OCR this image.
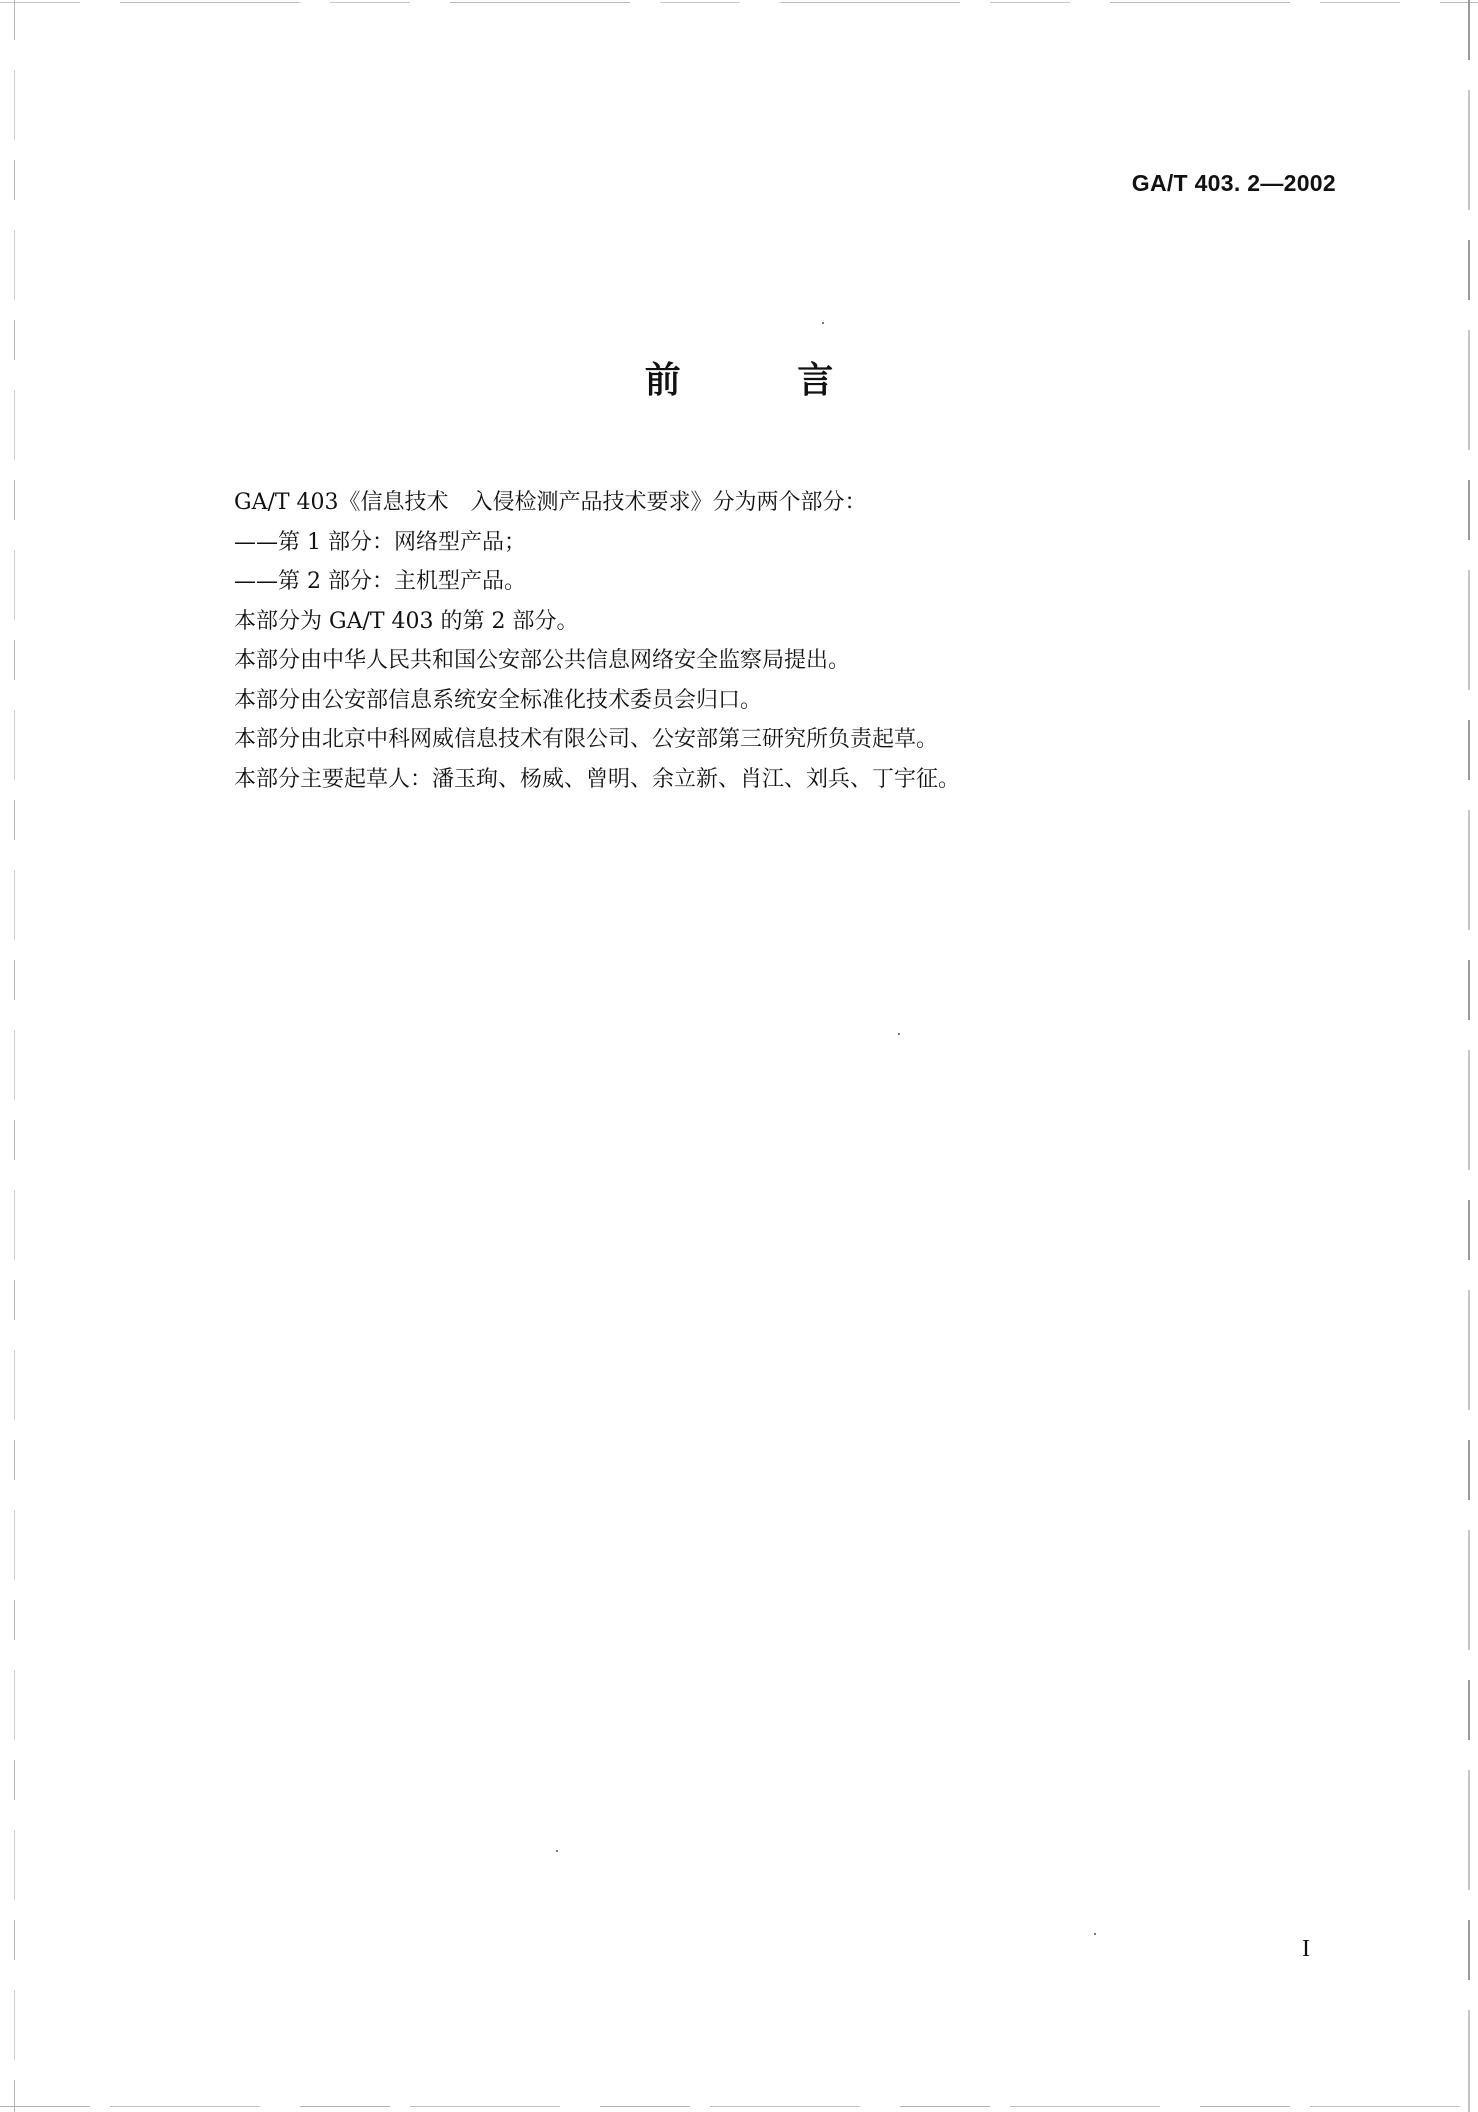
GA/T 403. 2—2002
前 言
GA/T 403《信息技术　入侵检测产品技术要求》分为两个部分：
——第 1 部分：网络型产品；
——第 2 部分：主机型产品。
本部分为 GA/T 403 的第 2 部分。
本部分由中华人民共和国公安部公共信息网络安全监察局提出。
本部分由公安部信息系统安全标准化技术委员会归口。
本部分由北京中科网威信息技术有限公司、公安部第三研究所负责起草。
本部分主要起草人：潘玉珣、杨威、曾明、余立新、肖江、刘兵、丁宇征。
I
